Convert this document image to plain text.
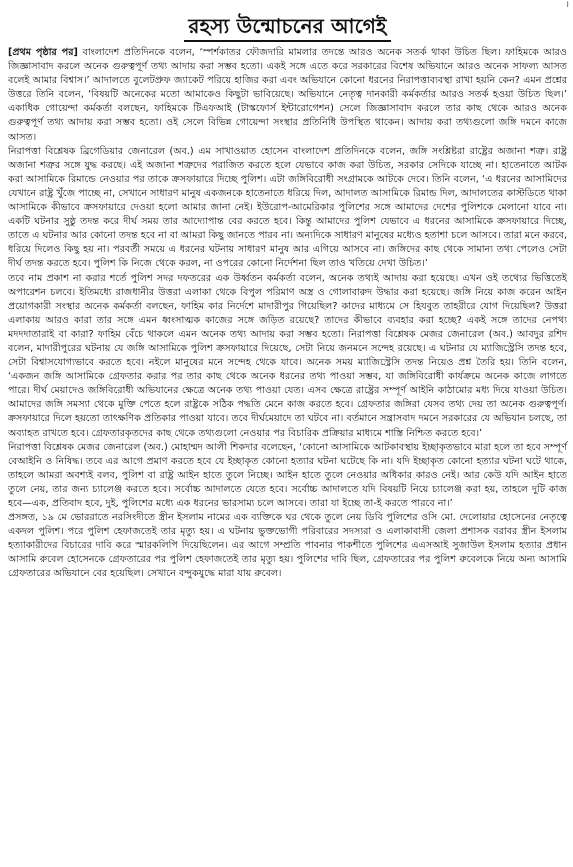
।
রহস্য উন্মোচনের আগেই

[প্রথম পৃষ্ঠার পর] বাংলাদেশ প্রতিদিনকে বলেন, ‘স্পর্শকাতর ফৌজদারি মামলার তদন্তে আরও অনেক সতর্ক থাকা উচিত ছিল। ফাহিমকে আরও জিজ্ঞাসাবাদ করলে অনেক গুরুত্বপূর্ণ তথ্য আদায় করা সম্ভব হতো। একই সঙ্গে এতে করে সরকারের বিশেষ অভিযানে আরও অনেক সাফল্য আসত বলেই আমার বিশ্বাস।’ আদালতে বুলেটপ্রুফ জ্যাকেট পরিয়ে হাজির করা এবং অভিযানে কোনো ধরনের নিরাপত্তাব্যবস্থা রাখা হয়নি কেন? এমন প্রশ্নের উত্তরে তিনি বলেন, ‘বিষয়টি অনেকের মতো আমাকেও কিছুটা ভাবিয়েছে। অভিযানে নেতৃত্ব দানকারী কর্মকর্তার আরও সতর্ক হওয়া উচিত ছিল।’ একাধিক গোয়েন্দা কর্মকর্তা বলছেন, ফাহিমকে টিএফআই (টাস্কফোর্স ইন্টারোগেশন) সেলে জিজ্ঞাসাবাদ করলে তার কাছ থেকে আরও অনেক গুরুত্বপূর্ণ তথ্য আদায় করা সম্ভব হতো। ওই সেলে বিভিন্ন গোয়েন্দা সংস্থার প্রতিনিধি উপস্থিত থাকেন। আদায় করা তথ্যগুলো জঙ্গি দমনে কাজে আসত।

নিরাপত্তা বিশ্লেষক ব্রিগেডিয়ার জেনারেল (অব.) এম সাখাওয়াত হোসেন বাংলাদেশ প্রতিদিনকে বলেন, জঙ্গি সংশ্লিষ্টরা রাষ্ট্রের অজানা শত্রু। রাষ্ট্র অজানা শত্রুর সঙ্গে যুদ্ধ করছে। এই অজানা শত্রুদের পরাজিত করতে হলে যেভাবে কাজ করা উচিত, সরকার সেদিকে যাচ্ছে না। হাতেনাতে আটক করা আসামিকে রিমান্ডে নেওয়ার পর তাকে ক্রসফায়ারে দিচ্ছে পুলিশ। এটা জঙ্গিবিরোধী সংগ্রামকে আটকে দেবে। তিনি বলেন, ‘এ ধরনের আসামিদের যেখানে রাষ্ট্র খুঁজে পাচ্ছে না, সেখানে সাধারণ মানুষ একজনকে হাতেনাতে ধরিয়ে দিল, আদালত আসামিকে রিমান্ড দিল, আদালতের কাস্টডিতে থাকা আসামিকে কীভাবে ক্রসফায়ারে দেওয়া হলো আমার জানা নেই। ইউরোপ-আমেরিকার পুলিশের সঙ্গে আমাদের দেশের পুলিশকে মেলানো যাবে না। একটি ঘটনার সুষ্ঠু তদন্ত করে দীর্ঘ সময় তার আদ্যোপান্ত বের করতে হবে। কিন্তু আমাদের পুলিশ যেভাবে এ ধরনের আসামিকে ক্রসফায়ারে দিচ্ছে, তাতে এ ঘটনার আর কোনো তদন্ত হবে না বা আমরা কিছু জানতে পারব না। অন্যদিকে সাধারণ মানুষের মধ্যেও হতাশা চলে আসবে। তারা মনে করবে, ধরিয়ে দিলেও কিছু হয় না। পরবর্তী সময়ে এ ধরনের ঘটনায় সাধারণ মানুষ আর এগিয়ে আসবে না। জঙ্গিদের কাছ থেকে সামান্য তথ্য পেলেও সেটা দীর্ঘ তদন্ত করতে হবে। পুলিশ কি নিজে থেকে করল, না ওপরের কোনো নির্দেশনা ছিল তাও খতিয়ে দেখা উচিত।’

তবে নাম প্রকাশ না করার শর্তে পুলিশ সদর দফতরের এক উর্ধ্বতন কর্মকর্তা বলেন, অনেক তথ্যই আদায় করা হয়েছে। এখন ওই তথ্যের ভিত্তিতেই অপারেশন চলবে। ইতিমধ্যে রাজধানীর উত্তরা এলাকা থেকে বিপুল পরিমাণ অস্ত্র ও গোলাবারুদ উদ্ধার করা হয়েছে। জঙ্গি নিয়ে কাজ করেন আইন প্রয়োগকারী সংস্থার অনেক কর্মকর্তা বলছেন, ফাহিম কার নির্দেশে মাদারীপুর গিয়েছিল? কাদের মাধ্যমে সে হিযবুত তাহরীরে যোগ দিয়েছিল? উত্তরা এলাকায় আরও কারা তার সঙ্গে এমন ধ্বংসাত্মক কাজের সঙ্গে জড়িত রয়েছে? তাদের কীভাবে ব্যবহার করা হচ্ছে? একই সঙ্গে তাদের নেপথ্য মদদদাতারাই বা কারা? ফাহিম বেঁচে থাকলে এমন অনেক তথ্য আদায় করা সম্ভব হতো। নিরাপত্তা বিশ্লেষক মেজর জেনারেল (অব.) আবদুর রশিদ বলেন, মাদারীপুরের ঘটনায় যে জঙ্গি আসামিকে পুলিশ ক্রসফায়ারে দিয়েছে, সেটা নিয়ে জনমনে সন্দেহ রয়েছে। এ ঘটনার যে ম্যাজিস্ট্রেসি তদন্ত হবে, সেটা বিশ্বাসযোগ্যভাবে করতে হবে। নইলে মানুষের মনে সন্দেহ থেকে যাবে। অনেক সময় ম্যাজিস্ট্রেসি তদন্ত নিয়েও প্রশ্ন তৈরি হয়। তিনি বলেন, ‘একজন জঙ্গি আসামিকে গ্রেফতার করার পর তার কাছ থেকে অনেক ধরনের তথ্য পাওয়া সম্ভব, যা জঙ্গিবিরোধী কার্যক্রমে অনেক কাজে লাগতে পারে। দীর্ঘ মেয়াদেও জঙ্গিবিরোধী অভিযানের ক্ষেত্রে অনেক তথ্য পাওয়া যেত। এসব ক্ষেত্রে রাষ্ট্রের সম্পূর্ণ আইনি কাঠামোর মধ্য দিয়ে যাওয়া উচিত। আমাদের জঙ্গি সমস্যা থেকে মুক্তি পেতে হলে রাষ্ট্রকে সঠিক পদ্ধতি মেনে কাজ করতে হবে। গ্রেফতার জঙ্গিরা যেসব তথ্য দেয় তা অনেক গুরুত্বপূর্ণ। ক্রসফায়ারে দিলে হয়তো তাৎক্ষণিক প্রতিকার পাওয়া যাবে। তবে দীর্ঘমেয়াদে তা ঘটবে না। বর্তমানে সন্ত্রাসবাদ দমনে সরকারের যে অভিযান চলছে, তা অব্যাহত রাখতে হবে। গ্রেফতারকৃতদের কাছ থেকে তথ্যগুলো নেওয়ার পর বিচারিক প্রক্রিয়ার মাধ্যমে শাস্তি নিশ্চিত করতে হবে।’

নিরাপত্তা বিশ্লেষক মেজর জেনারেল (অব.) মোহাম্মদ আলী শিকদার বলেছেন, ‘কোনো আসামিকে আটকাবস্থায় ইচ্ছাকৃতভাবে মারা হলে তা হবে সম্পূর্ণ বেআইনি ও নিষিদ্ধ। তবে এর আগে প্রমাণ করতে হবে যে ইচ্ছাকৃত কোনো হত্যার ঘটনা ঘটেছে কি না। যদি ইচ্ছাকৃত কোনো হত্যার ঘটনা ঘটে থাকে, তাহলে আমরা অবশ্যই বলব, পুলিশ বা রাষ্ট্র আইন হাতে তুলে নিচ্ছে। আইন হাতে তুলে নেওয়ার অধিকার কারও নেই। আর কেউ যদি আইন হাতে তুলে নেয়, তার জন্য চ্যালেঞ্জ করতে হবে। সর্বোচ্চ আদালতে যেতে হবে। সর্বোচ্চ আদালতে যদি বিষয়টি নিয়ে চ্যালেঞ্জ করা হয়, তাহলে দুটি কাজ হবে—এক, প্রতিবাদ হবে, দুই, পুলিশের মধ্যে এক ধরনের ভারসাম্য চলে আসবে। তারা যা ইচ্ছে তা-ই করতে পারবে না।’

প্রসঙ্গত, ১৯ মে ভোররাতে নরসিংদীতে স্ত্রীন ইসলাম নামের এক ব্যক্তিকে ঘর থেকে তুলে নেয় ডিবি পুলিশের ওসি মো. দেলোয়ার হোসেনের নেতৃত্বে একদল পুলিশ। পরে পুলিশ হেফাজতেই তার মৃত্যু হয়। এ ঘটনায় ভুক্তভোগী পরিবারের সদস্যরা ও এলাকাবাসী জেলা প্রশাসক বরাবর স্ত্রীন ইসলাম হত্যাকারীদের বিচারের দাবি করে স্মারকলিপি দিয়েছিলেন। এর আগে সম্প্রতি পাবনার পাকশীতে পুলিশের এএসআই সুজাউল ইসলাম হত্যার প্রধান আসামি রুবেল হোসেনকে গ্রেফতারের পর পুলিশ হেফাজতেই তার মৃত্যু হয়। পুলিশের দাবি ছিল, গ্রেফতারের পর পুলিশ রুবেলকে নিয়ে অন্য আসামি গ্রেফতারের অভিযানে বের হয়েছিল। সেখানে বন্দুকযুদ্ধে মারা যায় রুবেল।
